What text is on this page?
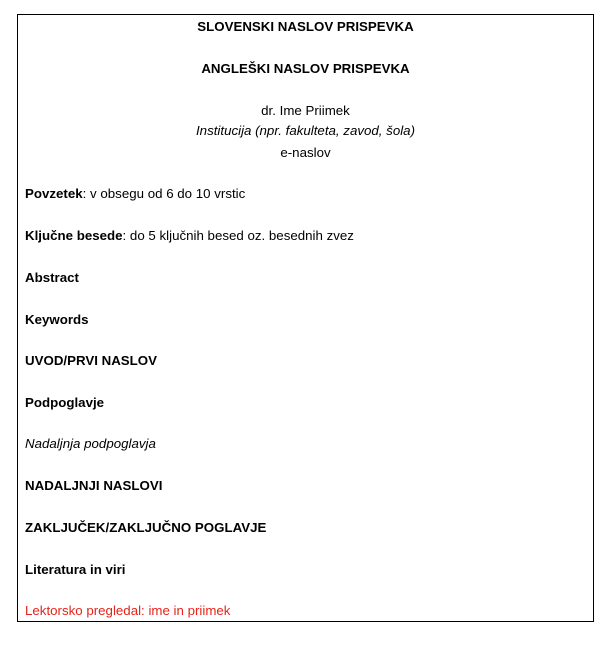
SLOVENSKI NASLOV PRISPEVKA
ANGLEŠKI NASLOV PRISPEVKA
dr. Ime Priimek
Institucija (npr. fakulteta, zavod, šola)
e-naslov
Povzetek: v obsegu od 6 do 10 vrstic
Ključne besede: do 5 ključnih besed oz. besednih zvez
Abstract
Keywords
UVOD/PRVI NASLOV
Podpoglavje
Nadaljnja podpoglavja
NADALJNJI NASLOVI
ZAKLJUČEK/ZAKLJUČNO POGLAVJE
Literatura in viri
Lektorsko pregledal: ime in priimek
